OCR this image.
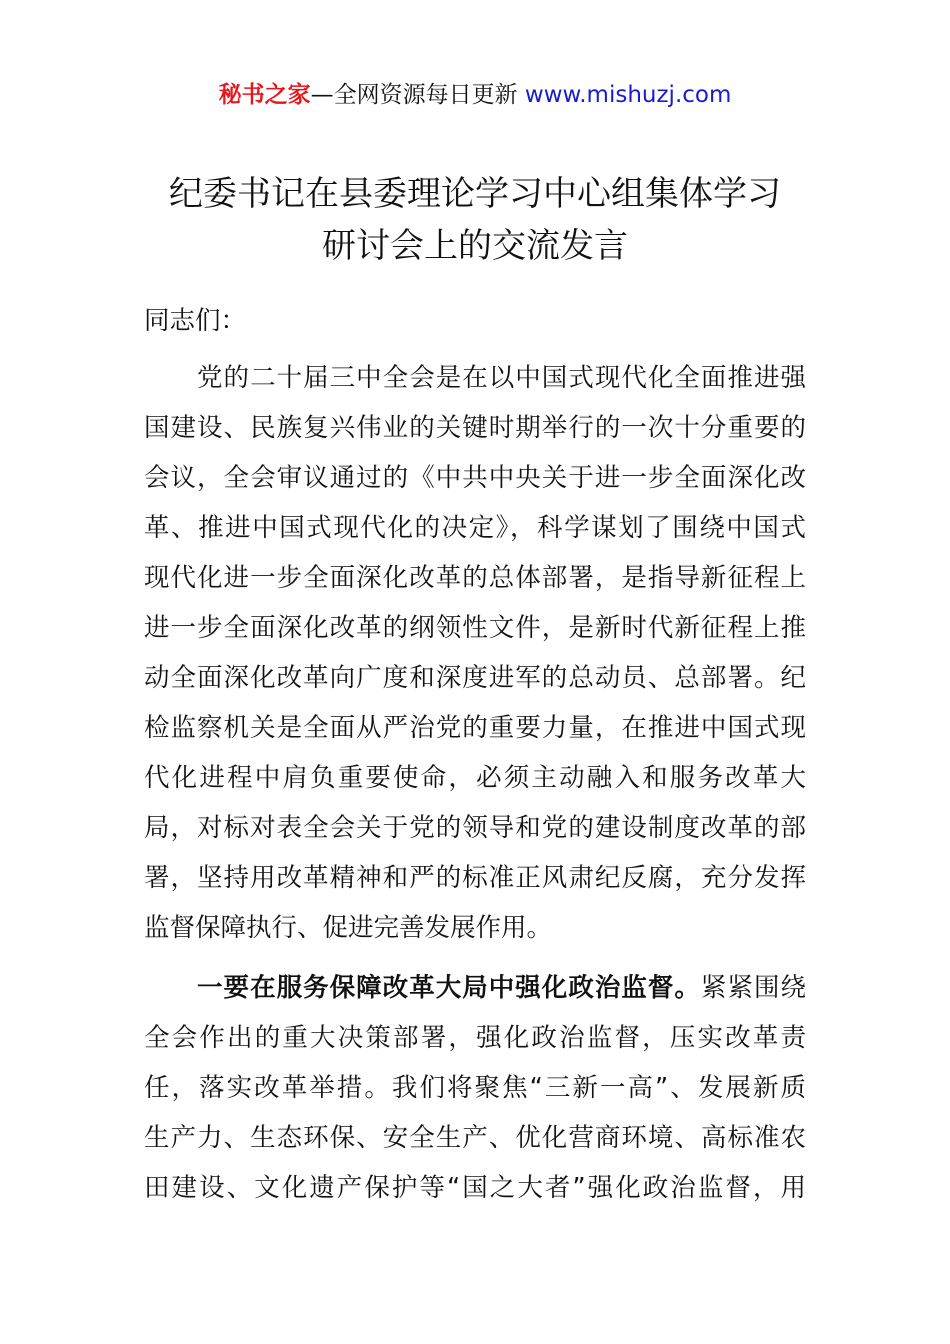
秘书之家—全网资源每日更新 www.mishuzj.com
纪委书记在县委理论学习中心组集体学习
研讨会上的交流发言
同志们：
　　党的二十届三中全会是在以中国式现代化全面推进强
国建设、民族复兴伟业的关键时期举行的一次十分重要的
会议，全会审议通过的《中共中央关于进一步全面深化改
革、推进中国式现代化的决定》，科学谋划了围绕中国式
现代化进一步全面深化改革的总体部署，是指导新征程上
进一步全面深化改革的纲领性文件，是新时代新征程上推
动全面深化改革向广度和深度进军的总动员、总部署。纪
检监察机关是全面从严治党的重要力量，在推进中国式现
代化进程中肩负重要使命，必须主动融入和服务改革大
局，对标对表全会关于党的领导和党的建设制度改革的部
署，坚持用改革精神和严的标准正风肃纪反腐，充分发挥
监督保障执行、促进完善发展作用。
　　一要在服务保障改革大局中强化政治监督。紧紧围绕
全会作出的重大决策部署，强化政治监督，压实改革责
任，落实改革举措。我们将聚焦“三新一高”、发展新质
生产力、生态环保、安全生产、优化营商环境、高标准农
田建设、文化遗产保护等“国之大者”强化政治监督，用
